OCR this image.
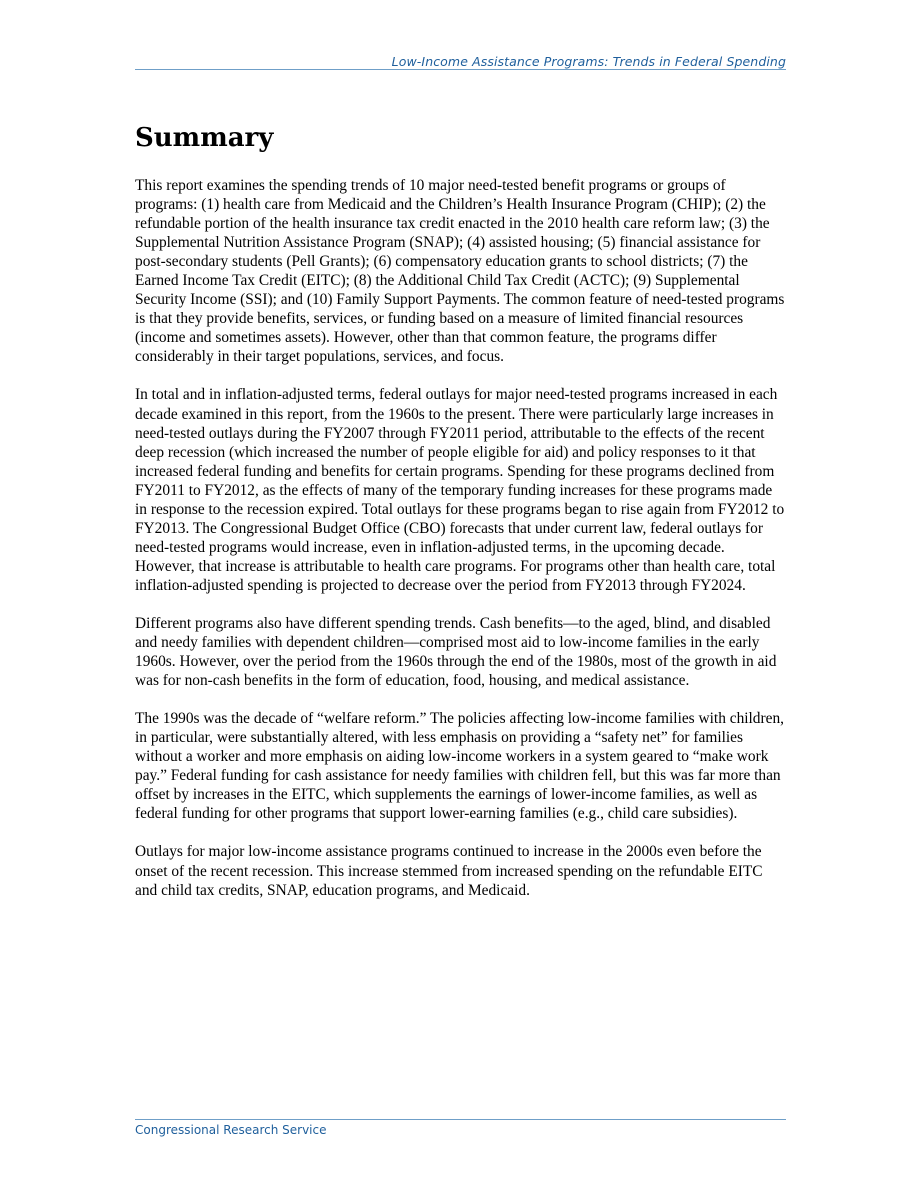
Low-Income Assistance Programs: Trends in Federal Spending
Summary

This report examines the spending trends of 10 major need-tested benefit programs or groups of programs: (1) health care from Medicaid and the Children’s Health Insurance Program (CHIP); (2) the refundable portion of the health insurance tax credit enacted in the 2010 health care reform law; (3) the Supplemental Nutrition Assistance Program (SNAP); (4) assisted housing; (5) financial assistance for post-secondary students (Pell Grants); (6) compensatory education grants to school districts; (7) the Earned Income Tax Credit (EITC); (8) the Additional Child Tax Credit (ACTC); (9) Supplemental Security Income (SSI); and (10) Family Support Payments. The common feature of need-tested programs is that they provide benefits, services, or funding based on a measure of limited financial resources (income and sometimes assets). However, other than that common feature, the programs differ considerably in their target populations, services, and focus.

In total and in inflation-adjusted terms, federal outlays for major need-tested programs increased in each decade examined in this report, from the 1960s to the present. There were particularly large increases in need-tested outlays during the FY2007 through FY2011 period, attributable to the effects of the recent deep recession (which increased the number of people eligible for aid) and policy responses to it that increased federal funding and benefits for certain programs. Spending for these programs declined from FY2011 to FY2012, as the effects of many of the temporary funding increases for these programs made in response to the recession expired. Total outlays for these programs began to rise again from FY2012 to FY2013. The Congressional Budget Office (CBO) forecasts that under current law, federal outlays for need-tested programs would increase, even in inflation-adjusted terms, in the upcoming decade. However, that increase is attributable to health care programs. For programs other than health care, total inflation-adjusted spending is projected to decrease over the period from FY2013 through FY2024.

Different programs also have different spending trends. Cash benefits—to the aged, blind, and disabled and needy families with dependent children—comprised most aid to low-income families in the early 1960s. However, over the period from the 1960s through the end of the 1980s, most of the growth in aid was for non-cash benefits in the form of education, food, housing, and medical assistance.

The 1990s was the decade of “welfare reform.” The policies affecting low-income families with children, in particular, were substantially altered, with less emphasis on providing a “safety net” for families without a worker and more emphasis on aiding low-income workers in a system geared to “make work pay.” Federal funding for cash assistance for needy families with children fell, but this was far more than offset by increases in the EITC, which supplements the earnings of lower-income families, as well as federal funding for other programs that support lower-earning families (e.g., child care subsidies).

Outlays for major low-income assistance programs continued to increase in the 2000s even before the onset of the recent recession. This increase stemmed from increased spending on the refundable EITC and child tax credits, SNAP, education programs, and Medicaid.

Congressional Research Service
